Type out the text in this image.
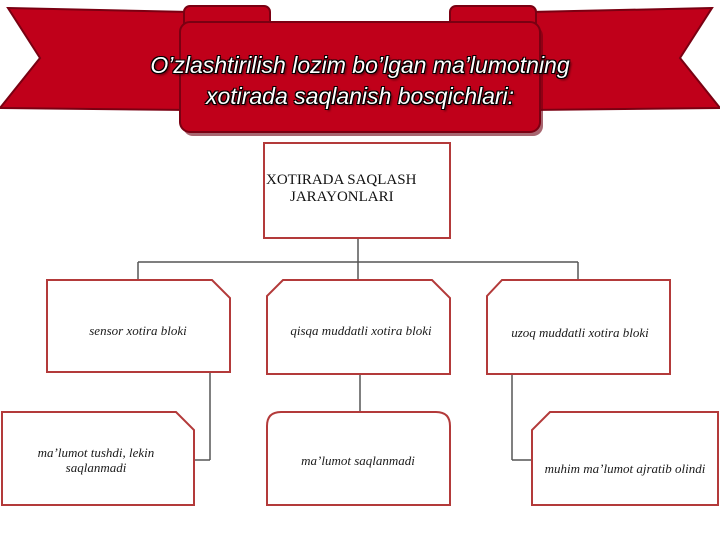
O’zlashtirilish lozim bo’lgan ma’lumotning
xotirada saqlanish bosqichlari:
XOTIRADA SAQLASH
JARAYONLARI
sensor xotira bloki	qisqa muddatli xotira bloki	uzoq muddatli xotira bloki
ma’lumot tushdi, lekin saqlanmadi	ma’lumot saqlanmadi
muhim ma’lumot ajratib olindi
